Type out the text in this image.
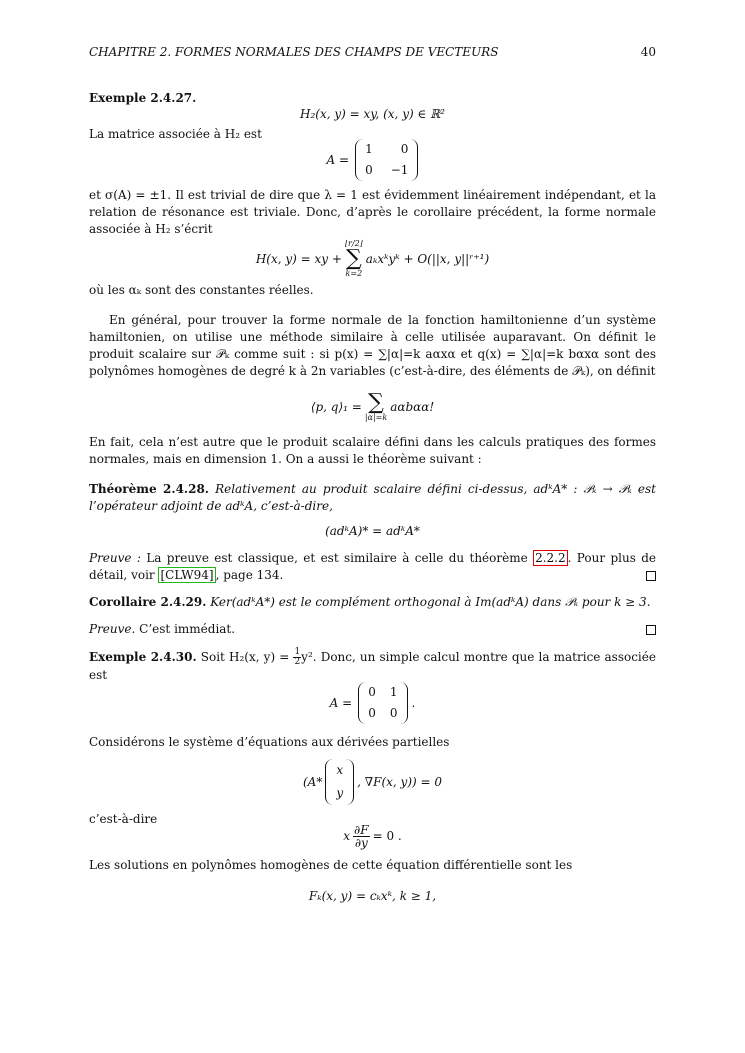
CHAPITRE 2. FORMES NORMALES DES CHAMPS DE VECTEURS	40

Exemple 2.4.27.

H₂(x, y) = xy, (x, y) ∈ ℝ²

La matrice associée à H₂ est

A =
1	0
0 −1

et σ(A) = ±1. Il est trivial de dire que λ = 1 est évidemment linéairement indépendant, et la relation de résonance est triviale. Donc, d’après le corollaire précédent, la forme normale associée à H₂ s’écrit

H(x, y) = xy +
⌊r/2⌋
∑
k=2
aₖxᵏyᵏ + O(||x, y||ʳ⁺¹)

où les αₖ sont des constantes réelles.

En général, pour trouver la forme normale de la fonction hamiltonienne d’un système hamiltonien, on utilise une méthode similaire à celle utilisée auparavant. On définit le produit scalaire sur 𝒫ₖ comme suit : si p(x) = ∑|α|=k aαxα et q(x) = ∑|α|=k bαxα sont des polynômes homogènes de degré k à 2n variables (c’est-à-dire, des éléments de 𝒫ₖ), on définit

⟨p, q⟩₁ = ∑
|α|=k
aαbαα!

En fait, cela n’est autre que le produit scalaire défini dans les calculs pratiques des formes normales, mais en dimension 1. On a aussi le théorème suivant :

Théorème 2.4.28. Relativement au produit scalaire défini ci-dessus, adᵏA* : 𝒫ₖ → 𝒫ₖ est l’opérateur adjoint de adᵏA, c’est-à-dire,

(adᵏA)* = adᵏA*

Preuve : La preuve est classique, et est similaire à celle du théorème 2.2.2 . Pour plus de détail, voir [CLW94] , page 134.

Corollaire 2.4.29. Ker(adᵏA*) est le complément orthogonal à Im(adᵏA) dans 𝒫ₖ pour k ≥ 3.

Preuve. C’est immédiat.

Exemple 2.4.30. Soit H₂(x, $y) = \frac{1}{2} y^2$. Donc, un simple calcul montre que la matrice associée est

A =
0 1
0 0
.

Considérons le système d’équations aux dérivées partielles

(A*
x
y
, ∇F(x, y)) = 0

c’est-à-dire

x $\frac{\partial F}{\partial y} = 0$ .

Les solutions en polynômes homogènes de cette équation différentielle sont les

Fₖ(x, y) = cₖxᵏ, k ≥ 1,
